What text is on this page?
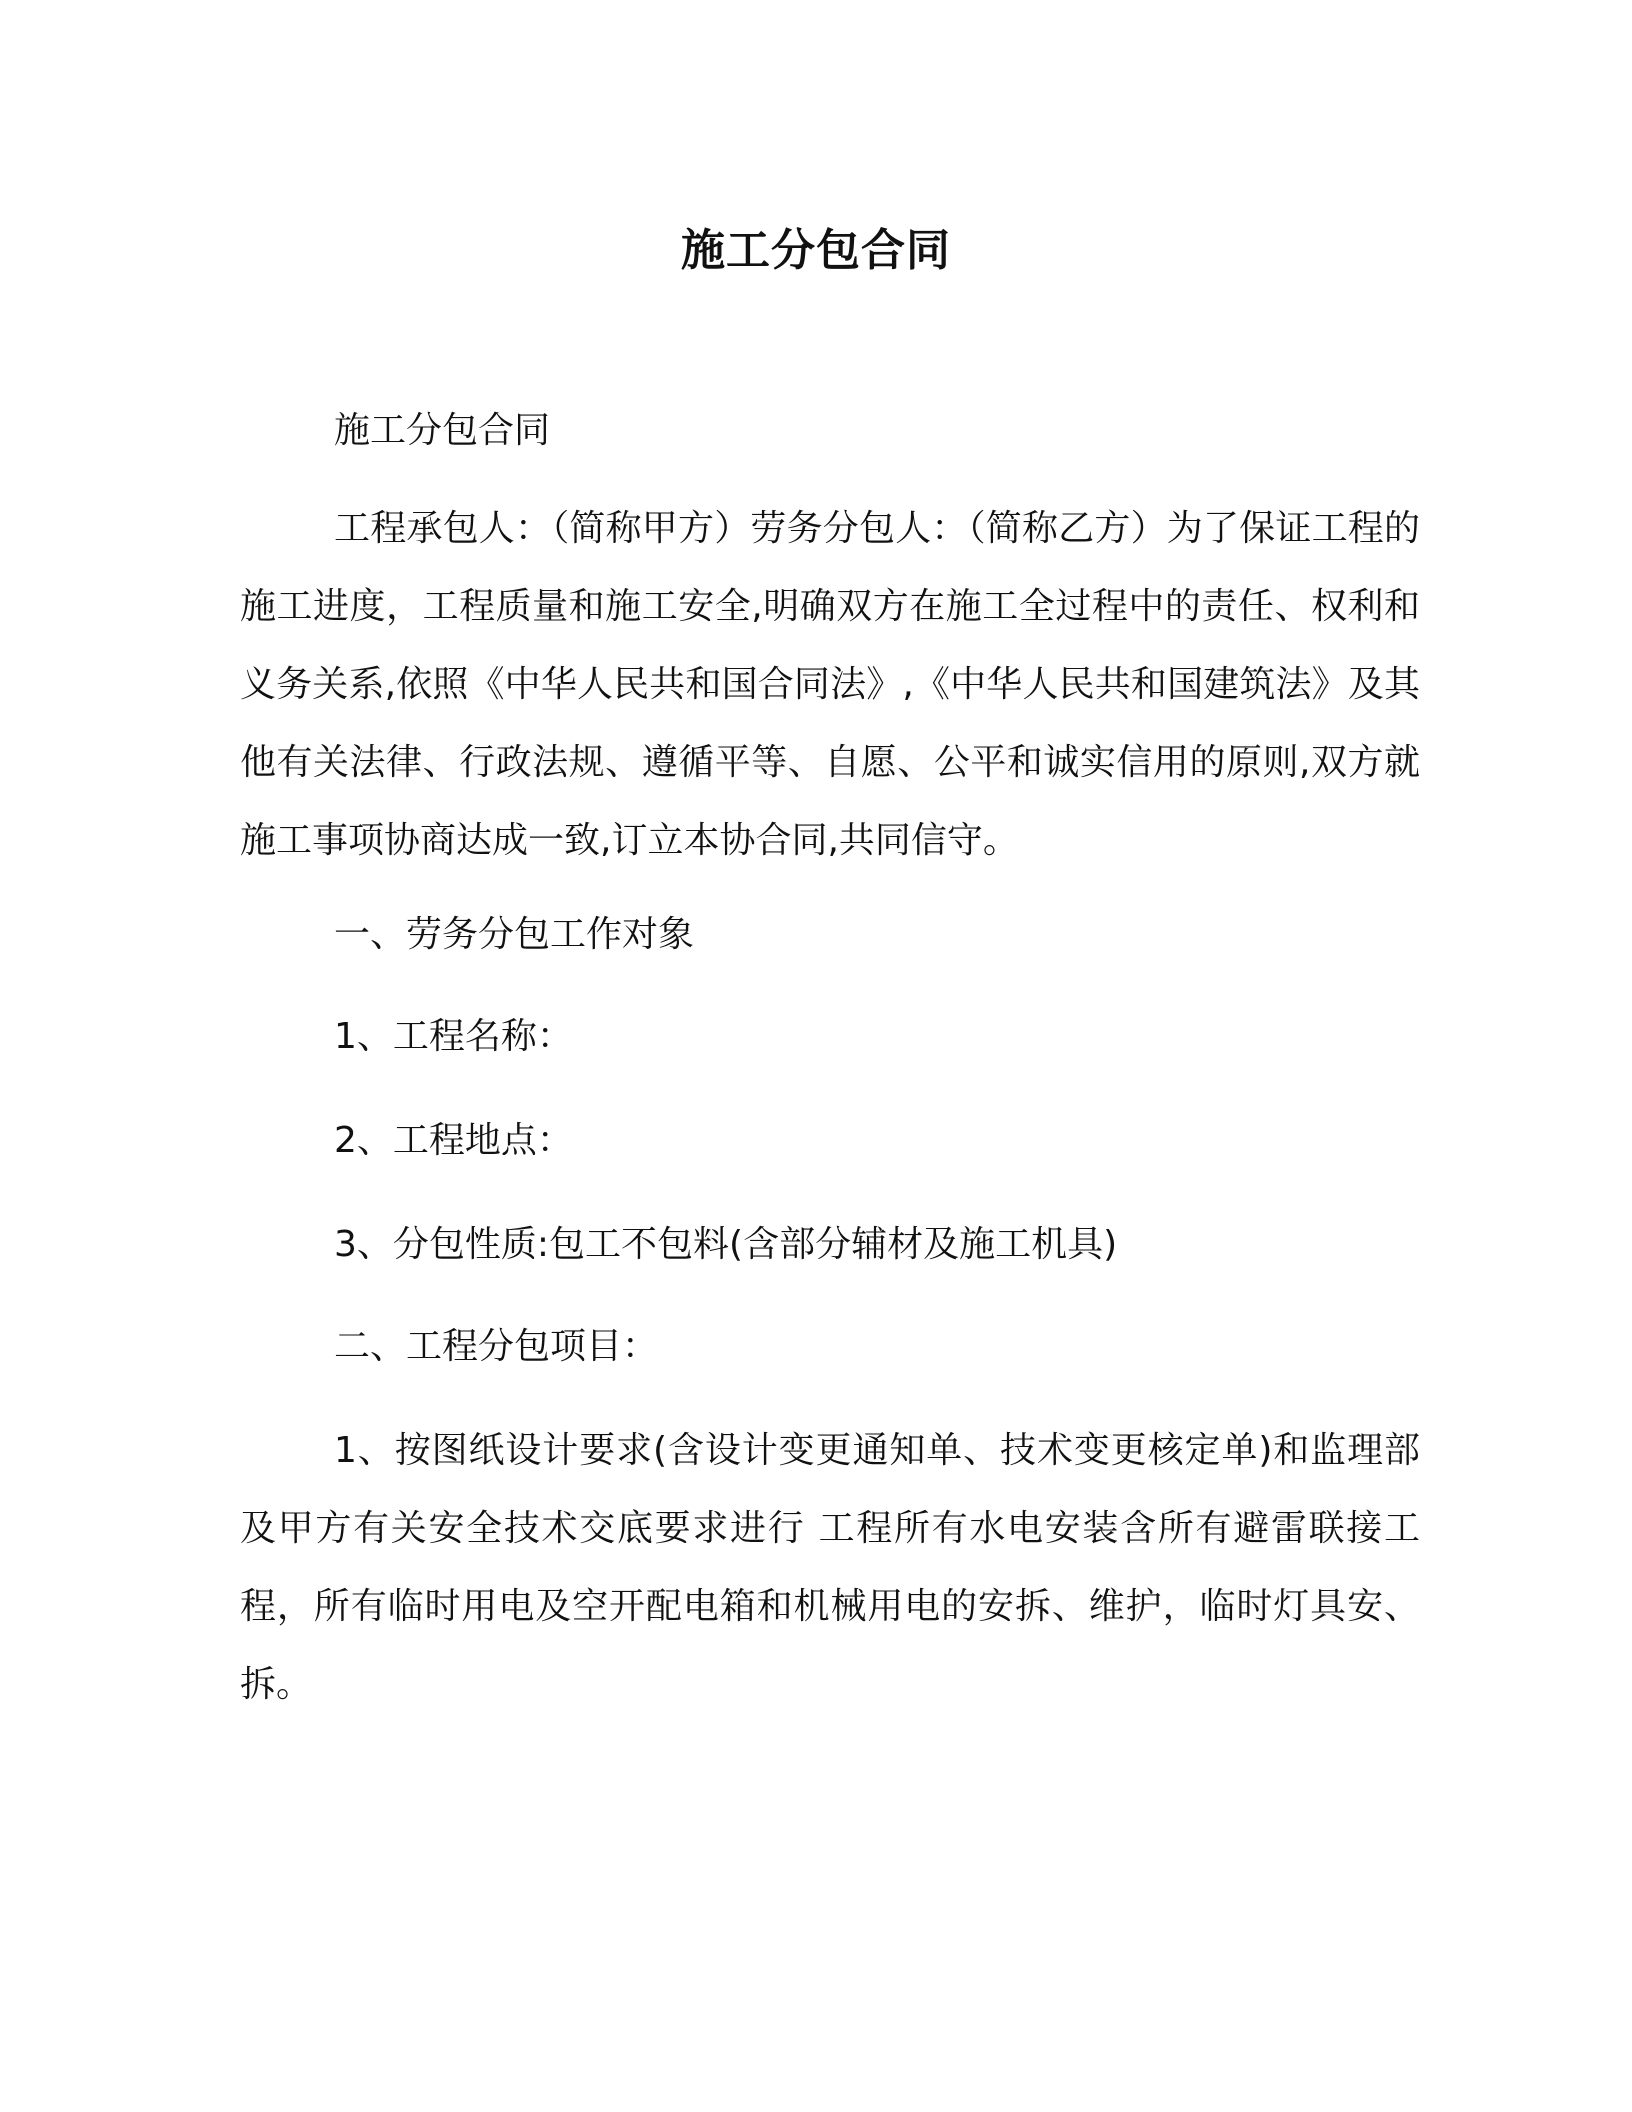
施工分包合同

施工分包合同

工程承包人：（简称甲方）劳务分包人：（简称乙方）为了保证工程的施工进度，工程质量和施工安全,明确双方在施工全过程中的责任、权利和义务关系,依照《中华人民共和国合同法》,《中华人民共和国建筑法》及其他有关法律、行政法规、遵循平等、自愿、公平和诚实信用的原则,双方就施工事项协商达成一致,订立本协合同,共同信守。

一、劳务分包工作对象

1、工程名称：

2、工程地点：

3、分包性质:包工不包料(含部分辅材及施工机具)

二、工程分包项目：

1、按图纸设计要求(含设计变更通知单、技术变更核定单)和监理部及甲方有关安全技术交底要求进行 工程所有水电安装含所有避雷联接工程，所有临时用电及空开配电箱和机械用电的安拆、维护，临时灯具安、拆。
